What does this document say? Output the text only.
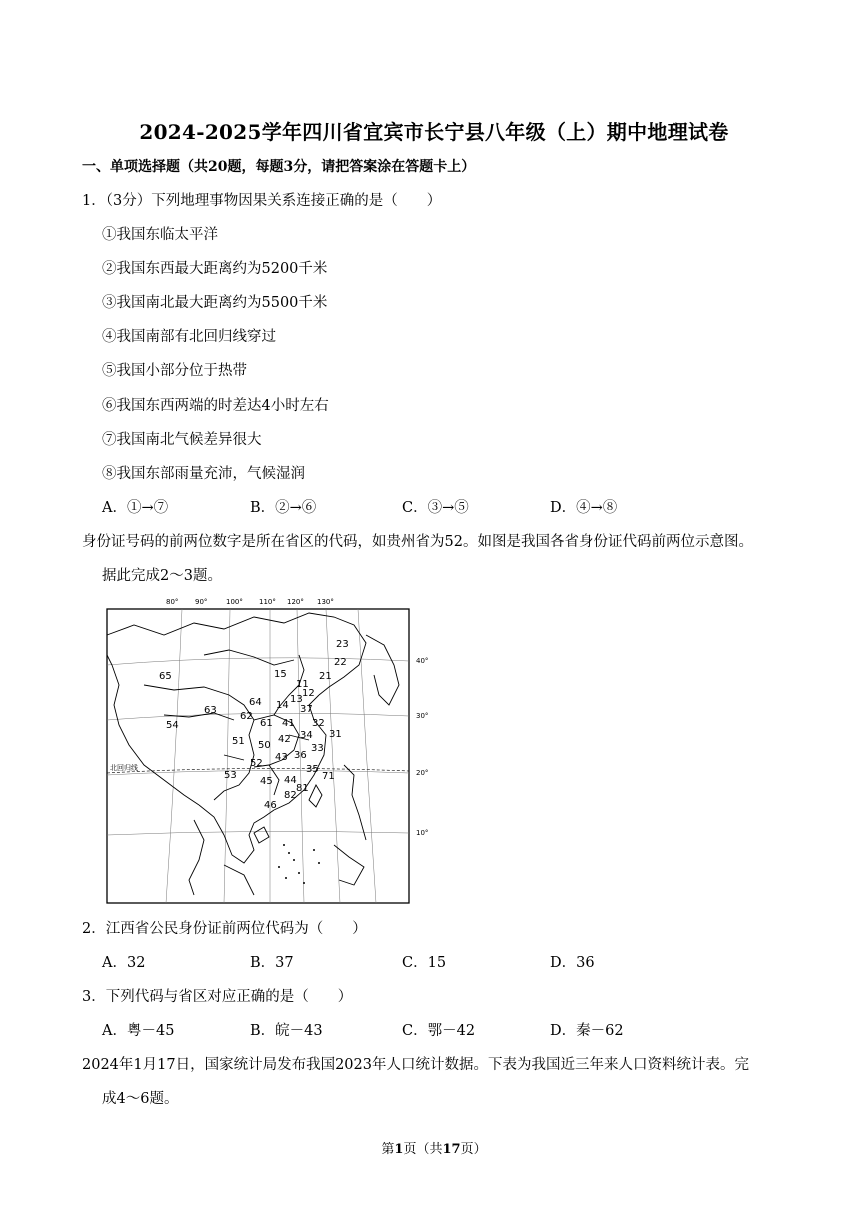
2024-2025学年四川省宜宾市长宁县八年级（上）期中地理试卷
一、单项选择题（共20题，每题3分，请把答案涂在答题卡上）
1．（3分）下列地理事物因果关系连接正确的是（　　）
①我国东临太平洋
②我国东西最大距离约为5200千米
③我国南北最大距离约为5500千米
④我国南部有北回归线穿过
⑤我国小部分位于热带
⑥我国东西两端的时差达4小时左右
⑦我国南北气候差异很大
⑧我国东部雨量充沛，气候湿润
A．①→⑦	B．②→⑥	C．③→⑤	D．④→⑧
身份证号码的前两位数字是所在省区的代码，如贵州省为52。如图是我国各省身份证代码前两位示意图。
据此完成2～3题。
80° 90°	100° 110° 120° 130°
40°
30°
20°
10°
北回归线
23
22
65	15	21
11
12
13
64
63
62
14 37
54	61 41 32
51	42 34 31
50	33
52
43 36
53
45
35
44	71
81
82
46
2．江西省公民身份证前两位代码为（　　）
A．32	B．37	C．15	D．36
3．下列代码与省区对应正确的是（　　）
A．粤－45	B．皖－43	C．鄂－42	D．秦－62
2024年1月17日，国家统计局发布我国2023年人口统计数据。下表为我国近三年来人口资料统计表。完
成4～6题。
第1页（共17页）
